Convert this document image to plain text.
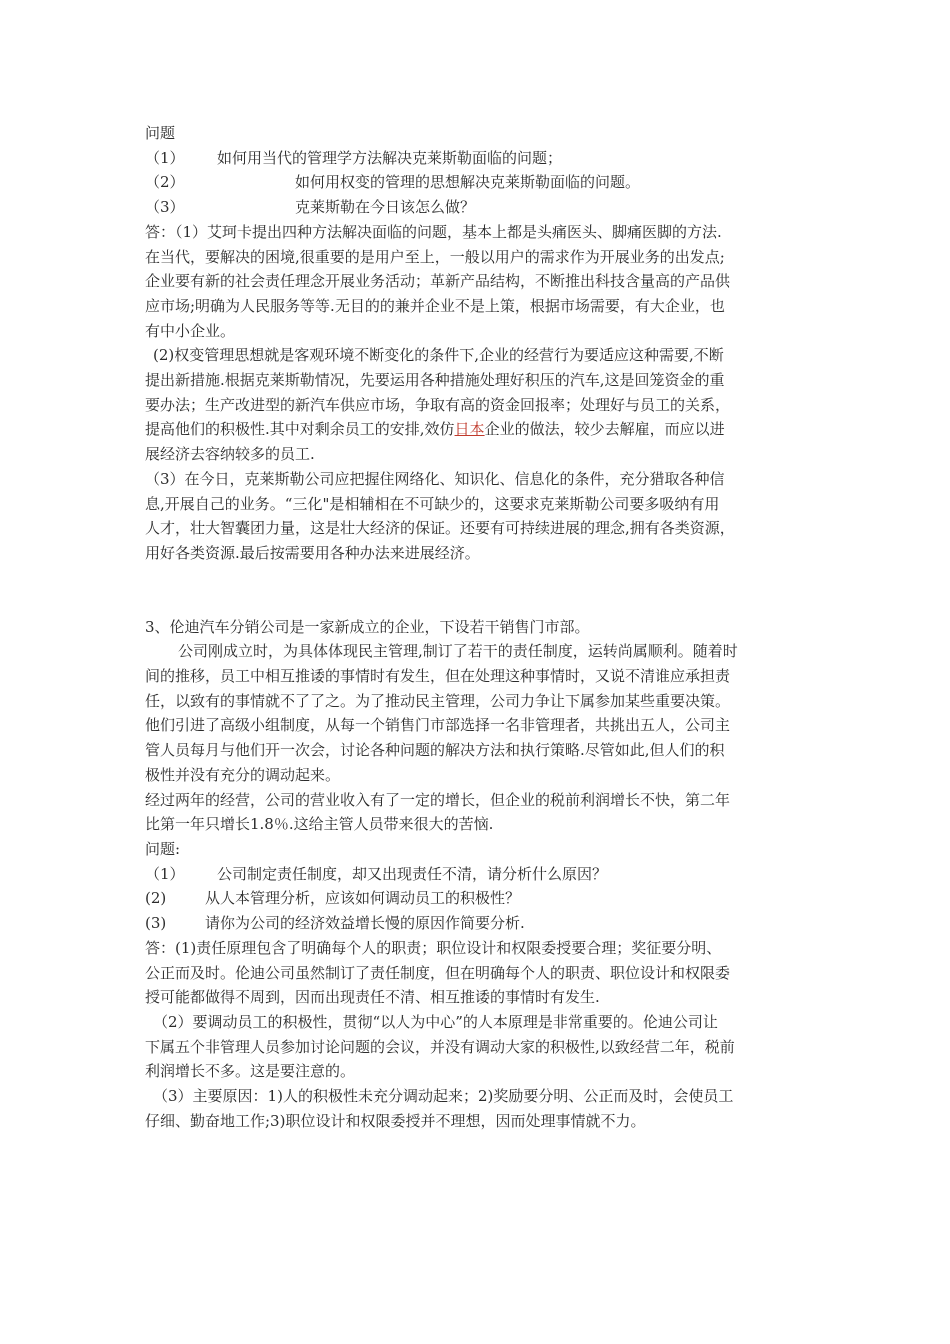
问题
（1）	如何用当代的管理学方法解决克莱斯勒面临的问题；
（2）	如何用权变的管理的思想解决克莱斯勒面临的问题。
（3）	克莱斯勒在今日该怎么做？
答：（1）艾珂卡提出四种方法解决面临的问题，基本上都是头痛医头、脚痛医脚的方法.
在当代，要解决的困境,很重要的是用户至上，一般以用户的需求作为开展业务的出发点;
企业要有新的社会责任理念开展业务活动；革新产品结构，不断推出科技含量高的产品供
应市场;明确为人民服务等等.无目的的兼并企业不是上策，根据市场需要，有大企业，也
有中小企业。
(2)权变管理思想就是客观环境不断变化的条件下,企业的经营行为要适应这种需要,不断
提出新措施.根据克莱斯勒情况，先要运用各种措施处理好积压的汽车,这是回笼资金的重
要办法；生产改进型的新汽车供应市场，争取有高的资金回报率；处理好与员工的关系，
提高他们的积极性.其中对剩余员工的安排,效仿日本企业的做法，较少去解雇，而应以进
展经济去容纳较多的员工.
（3）在今日，克莱斯勒公司应把握住网络化、知识化、信息化的条件，充分猎取各种信
息,开展自己的业务。“三化"是相辅相在不可缺少的，这要求克莱斯勒公司要多吸纳有用
人才，壮大智囊团力量，这是壮大经济的保证。还要有可持续进展的理念,拥有各类资源，
用好各类资源.最后按需要用各种办法来进展经济。
3、伦迪汽车分销公司是一家新成立的企业，下设若干销售门市部。
公司刚成立时，为具体体现民主管理,制订了若干的责任制度，运转尚属顺利。随着时
间的推移，员工中相互推诿的事情时有发生，但在处理这种事情时，又说不清谁应承担责
任，以致有的事情就不了了之。为了推动民主管理，公司力争让下属参加某些重要决策。
他们引进了高级小组制度，从每一个销售门市部选择一名非管理者，共挑出五人，公司主
管人员每月与他们开一次会，讨论各种问题的解决方法和执行策略.尽管如此,但人们的积
极性并没有充分的调动起来。
经过两年的经营，公司的营业收入有了一定的增长，但企业的税前利润增长不快，第二年
比第一年只增长1.8％.这给主管人员带来很大的苦恼.
问题:
（1）	公司制定责任制度，却又出现责任不清，请分析什么原因？
(2)	从人本管理分析，应该如何调动员工的积极性？
(3)	请你为公司的经济效益增长慢的原因作简要分析.
答：(1)责任原理包含了明确每个人的职责；职位设计和权限委授要合理；奖征要分明、
公正而及时。伦迪公司虽然制订了责任制度，但在明确每个人的职责、职位设计和权限委
授可能都做得不周到，因而出现责任不清、相互推诿的事情时有发生.
（2）要调动员工的积极性，贯彻“以人为中心”的人本原理是非常重要的。伦迪公司让
下属五个非管理人员参加讨论问题的会议，并没有调动大家的积极性,以致经营二年，税前
利润增长不多。这是要注意的。
（3）主要原因：1)人的积极性未充分调动起来；2)奖励要分明、公正而及时，会使员工
仔细、勤奋地工作;3)职位设计和权限委授并不理想，因而处理事情就不力。
